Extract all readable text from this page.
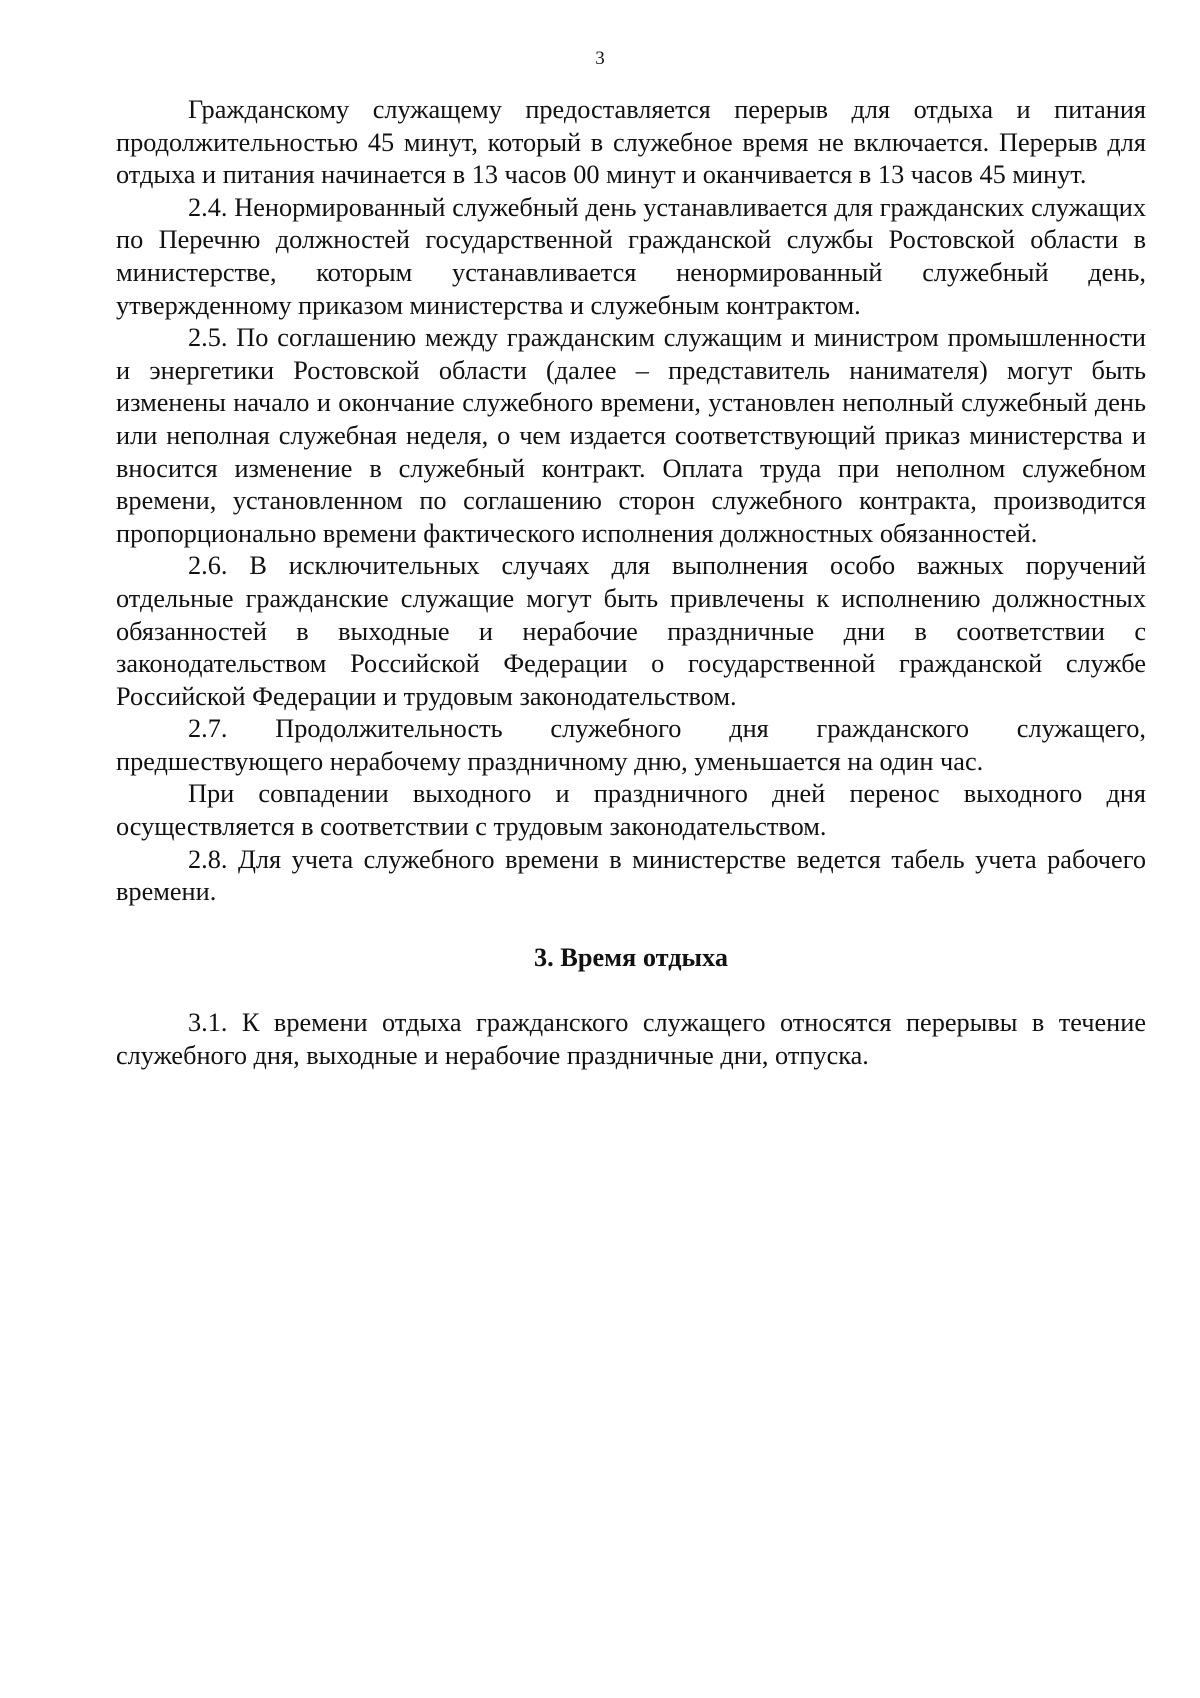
3

Гражданскому служащему предоставляется перерыв для отдыха и питания продолжительностью 45 минут, который в служебное время не включается. Перерыв для отдыха и питания начинается в 13 часов 00 минут и оканчивается в 13 часов 45 минут.

2.4. Ненормированный служебный день устанавливается для гражданских служащих по Перечню должностей государственной гражданской службы Ростовской области в министерстве, которым устанавливается ненормированный служебный день, утвержденному приказом министерства и служебным контрактом.

2.5. По соглашению между гражданским служащим и министром промышленности и энергетики Ростовской области (далее – представитель нанимателя) могут быть изменены начало и окончание служебного времени, установлен неполный служебный день или неполная служебная неделя, о чем издается соответствующий приказ министерства и вносится изменение в служебный контракт. Оплата труда при неполном служебном времени, установленном по соглашению сторон служебного контракта, производится пропорционально времени фактического исполнения должностных обязанностей.

2.6. В исключительных случаях для выполнения особо важных поручений отдельные гражданские служащие могут быть привлечены к исполнению должностных обязанностей в выходные и нерабочие праздничные дни в соответствии с законодательством Российской Федерации о государственной гражданской службе Российской Федерации и трудовым законодательством.

2.7. Продолжительность служебного дня гражданского служащего, предшествующего нерабочему праздничному дню, уменьшается на один час.

При совпадении выходного и праздничного дней перенос выходного дня осуществляется в соответствии с трудовым законодательством.

2.8. Для учета служебного времени в министерстве ведется табель учета рабочего времени.

3. Время отдыха

3.1. К времени отдыха гражданского служащего относятся перерывы в течение служебного дня, выходные и нерабочие праздничные дни, отпуска.
